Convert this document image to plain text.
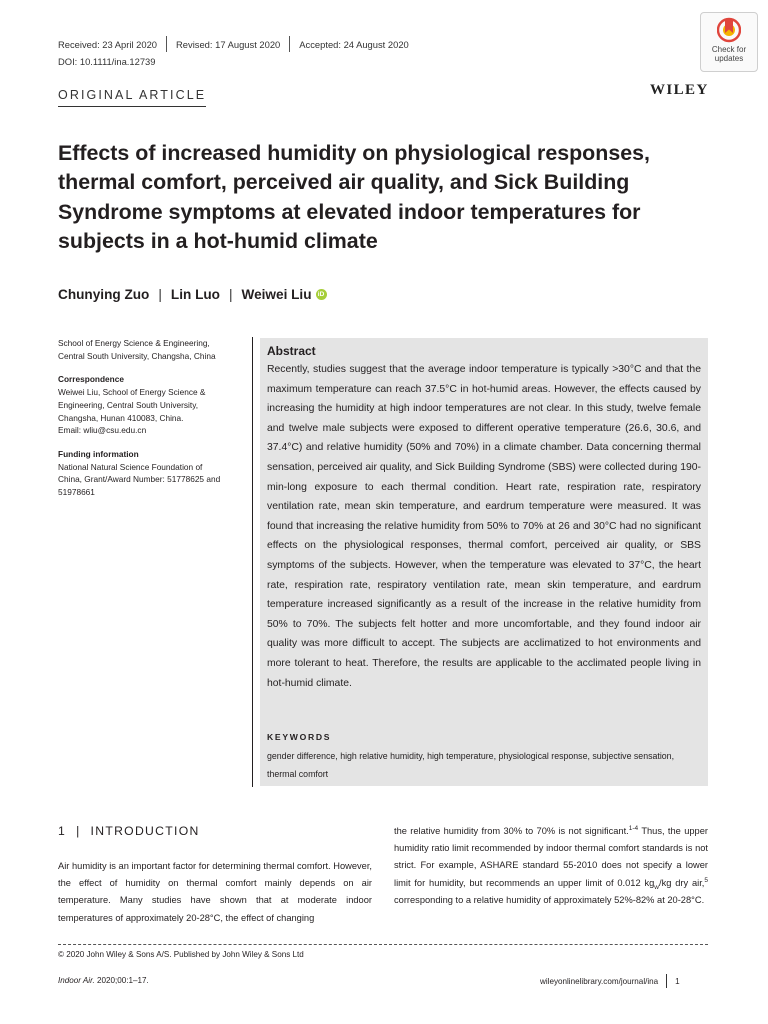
Received: 23 April 2020 Revised: 17 August 2020 Accepted: 24 August 2020
DOI: 10.1111/ina.12739
ORIGINAL ARTICLE	WILEY
Check for
updates
Effects of increased humidity on physiological responses, thermal comfort, perceived air quality, and Sick Building Syndrome symptoms at elevated indoor temperatures for subjects in a hot-humid climate
Chunying Zuo | Lin Luo | Weiwei Liu iD
School of Energy Science & Engineering,
Central South University, Changsha, China
Correspondence
Weiwei Liu, School of Energy Science &
Engineering, Central South University,
Changsha, Hunan 410083, China.
Email: wliu@csu.edu.cn
Funding information
National Natural Science Foundation of
China, Grant/Award Number: 51778625 and
51978661
Abstract
Recently, studies suggest that the average indoor temperature is typically >30°C and that the maximum temperature can reach 37.5°C in hot-humid areas. However, the effects caused by increasing the humidity at high indoor temperatures are not clear. In this study, twelve female and twelve male subjects were exposed to different operative temperature (26.6, 30.6, and 37.4°C) and relative humidity (50% and 70%) in a climate chamber. Data concerning thermal sensation, perceived air quality, and Sick Building Syndrome (SBS) were collected during 190-min-long exposure to each thermal condition. Heart rate, respiration rate, respiratory ventilation rate, mean skin temperature, and eardrum temperature were measured. It was found that increasing the relative humidity from 50% to 70% at 26 and 30°C had no significant effects on the physiological responses, thermal comfort, perceived air quality, or SBS symptoms of the subjects. However, when the temperature was elevated to 37°C, the heart rate, respiration rate, respiratory ventilation rate, mean skin temperature, and eardrum temperature increased significantly as a result of the increase in the relative humidity from 50% to 70%. The subjects felt hotter and more uncomfortable, and they found indoor air quality was more difficult to accept. The subjects are acclimatized to hot environments and more tolerant to heat. Therefore, the results are applicable to the acclimated people living in hot-humid climate.
KEYWORDS
gender difference, high relative humidity, high temperature, physiological response, subjective sensation, thermal comfort
1 | INTRODUCTION
Air humidity is an important factor for determining thermal comfort. However, the effect of humidity on thermal comfort mainly depends on air temperature. Many studies have shown that at moderate indoor temperatures of approximately 20-28°C, the effect of changing
the relative humidity from 30% to 70% is not significant.$^{1-4}$ Thus, the upper humidity ratio limit recommended by indoor thermal comfort standards is not strict. For example, ASHARE standard 55-2010 does not specify a lower limit for humidity, but recommends an upper limit of 0.012 $kg_w/kg$ dry air,$^5$ corresponding to a relative humidity of approximately 52%-82% at 20-28°C.
© 2020 John Wiley & Sons A/S. Published by John Wiley & Sons Ltd
Indoor Air. 2020;00:1–17.	wileyonlinelibrary.com/journal/ina 1
